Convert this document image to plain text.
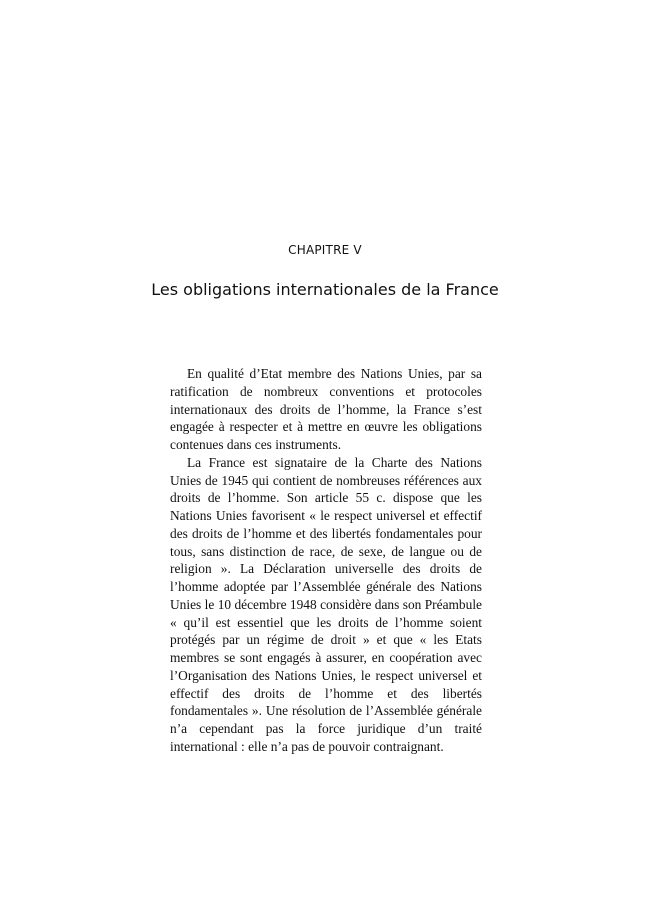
CHAPITRE V
Les obligations internationales de la France

En qualité d’Etat membre des Nations Unies, par sa ratification de nombreux conventions et protocoles internationaux des droits de l’homme, la France s’est engagée à respecter et à mettre en œuvre les obligations contenues dans ces instruments.

La France est signataire de la Charte des Nations Unies de 1945 qui contient de nombreuses références aux droits de l’homme. Son article 55 c. dispose que les Nations Unies favorisent « le respect universel et effectif des droits de l’homme et des libertés fondamentales pour tous, sans distinction de race, de sexe, de langue ou de religion ». La Déclaration universelle des droits de l’homme adoptée par l’Assemblée générale des Nations Unies le 10 décembre 1948 considère dans son Préambule « qu’il est essentiel que les droits de l’homme soient protégés par un régime de droit » et que « les Etats membres se sont engagés à assurer, en coopération avec l’Organisation des Nations Unies, le respect universel et effectif des droits de l’homme et des libertés fondamentales ». Une résolution de l’Assemblée générale n’a cependant pas la force juridique d’un traité international : elle n’a pas de pouvoir contraignant.
